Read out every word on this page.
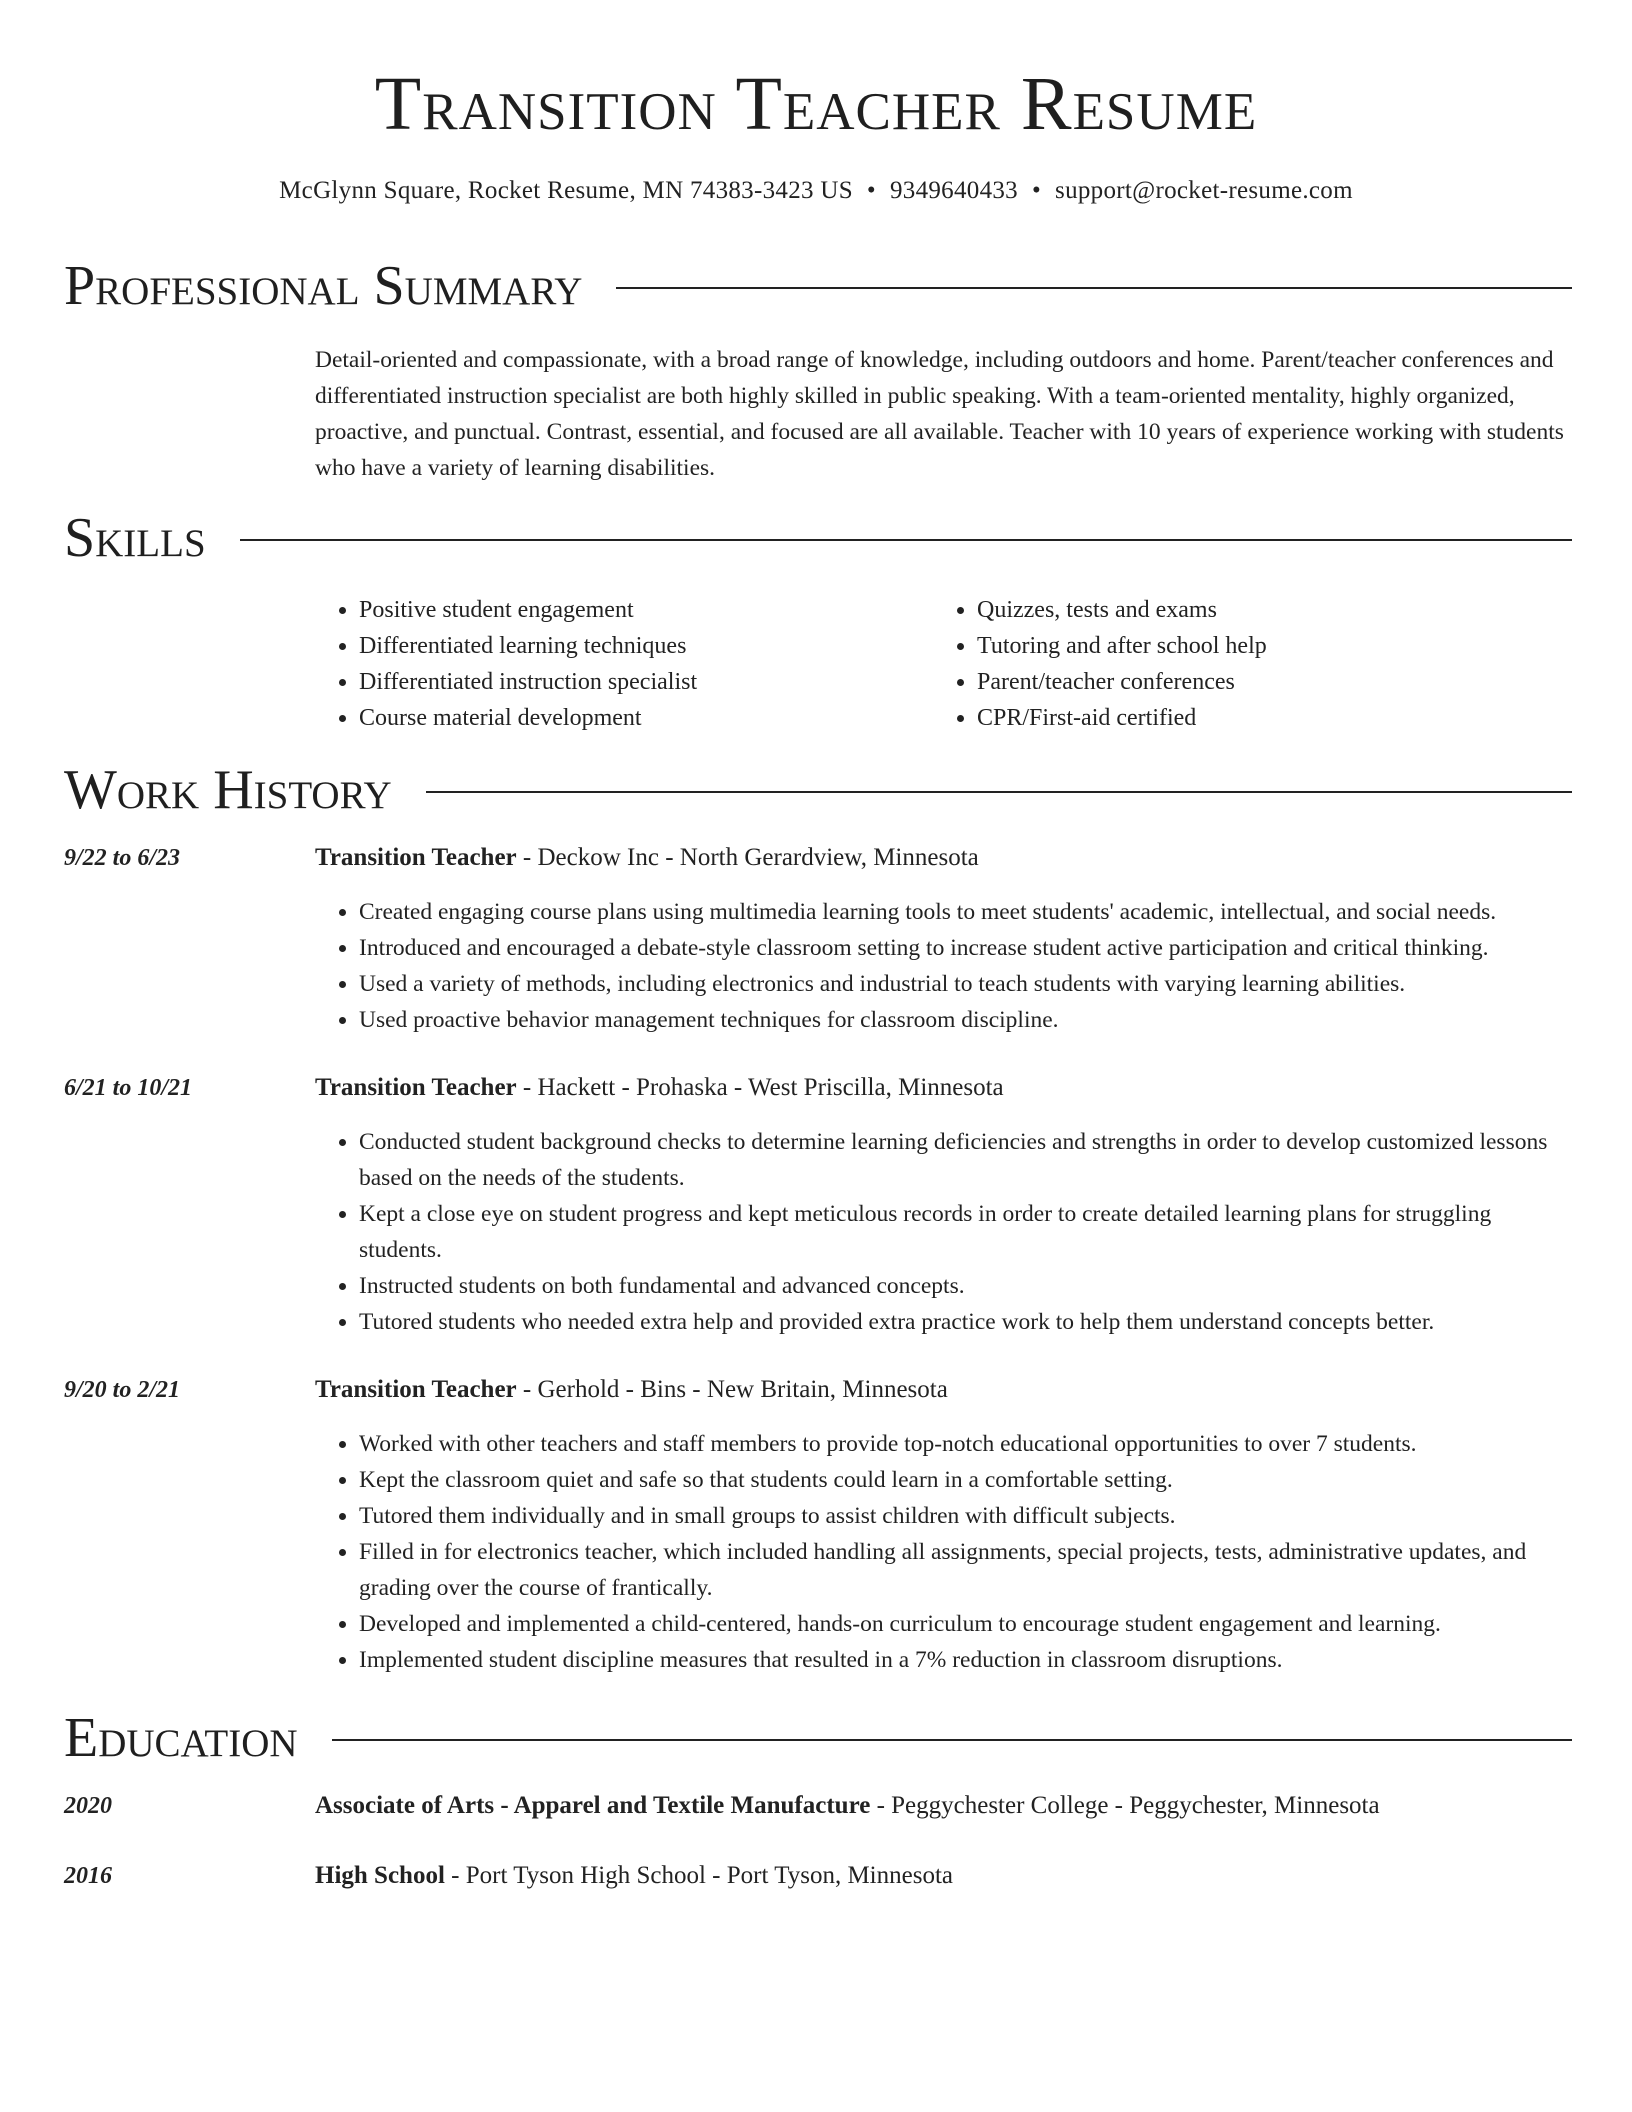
Transition Teacher Resume
McGlynn Square, Rocket Resume, MN 74383-3423 US • 9349640433 • support@rocket-resume.com
Professional Summary
Detail-oriented and compassionate, with a broad range of knowledge, including outdoors and home. Parent/teacher conferences and differentiated instruction specialist are both highly skilled in public speaking. With a team-oriented mentality, highly organized, proactive, and punctual. Contrast, essential, and focused are all available. Teacher with 10 years of experience working with students who have a variety of learning disabilities.
Skills
• Positive student engagement
• Differentiated learning techniques
• Differentiated instruction specialist
• Course material development
• Quizzes, tests and exams
• Tutoring and after school help
• Parent/teacher conferences
• CPR/First-aid certified
Work History
9/22 to 6/23	Transition Teacher - Deckow Inc - North Gerardview, Minnesota
• Created engaging course plans using multimedia learning tools to meet students' academic, intellectual, and social needs.
• Introduced and encouraged a debate-style classroom setting to increase student active participation and critical thinking.
• Used a variety of methods, including electronics and industrial to teach students with varying learning abilities.
• Used proactive behavior management techniques for classroom discipline.
6/21 to 10/21	Transition Teacher - Hackett - Prohaska - West Priscilla, Minnesota
• Conducted student background checks to determine learning deficiencies and strengths in order to develop customized lessons based on the needs of the students.
• Kept a close eye on student progress and kept meticulous records in order to create detailed learning plans for struggling students.
• Instructed students on both fundamental and advanced concepts.
• Tutored students who needed extra help and provided extra practice work to help them understand concepts better.
9/20 to 2/21	Transition Teacher - Gerhold - Bins - New Britain, Minnesota
• Worked with other teachers and staff members to provide top-notch educational opportunities to over 7 students.
• Kept the classroom quiet and safe so that students could learn in a comfortable setting.
• Tutored them individually and in small groups to assist children with difficult subjects.
• Filled in for electronics teacher, which included handling all assignments, special projects, tests, administrative updates, and grading over the course of frantically.
• Developed and implemented a child-centered, hands-on curriculum to encourage student engagement and learning.
• Implemented student discipline measures that resulted in a 7% reduction in classroom disruptions.
Education
2020	Associate of Arts - Apparel and Textile Manufacture - Peggychester College - Peggychester, Minnesota
2016	High School - Port Tyson High School - Port Tyson, Minnesota
